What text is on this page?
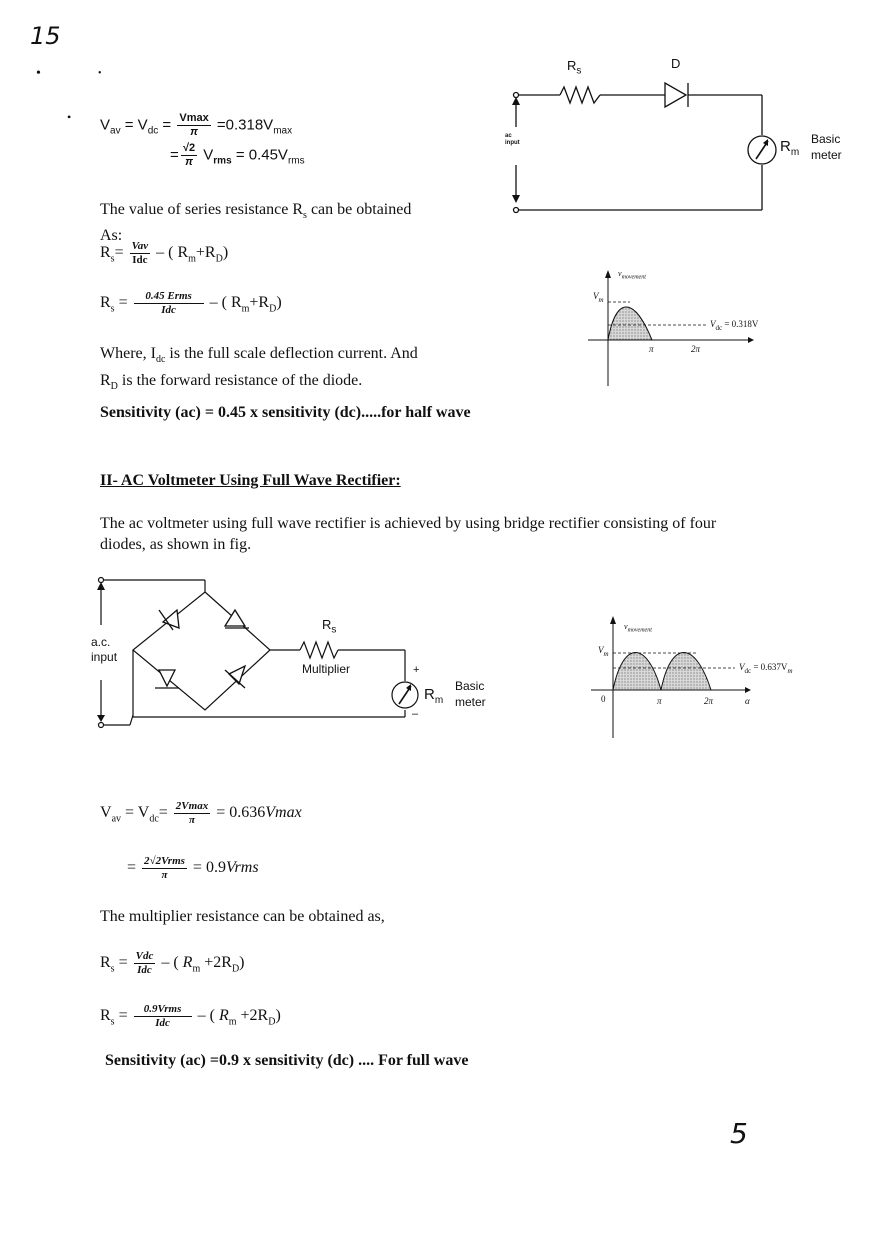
15
•	•
• $V_{av} = V_{dc} = \frac{Vmax}{\pi} =0.318V_{max}$
= $\frac{√2}{\pi} V_{rms} = 0.45V_{rms}$
The value of series resistance $R_s$ can be obtained
As:
$R_s= \frac{\text{Vav}}{\text{Idc}}$ – ( $R_m+R_D$)
$R_s = \frac{\text{0.45 Erms}}{\text{Idc}}$ – ( $R_m+R_D$)
Where, $I_{dc}$ is the full scale deflection current. And
$R_D$ is the forward resistance of the diode.
Sensitivity (ac) = 0.45 x sensitivity (dc).....for half wave
$R_s$
D
ac
input	$R_m$
Basic
meter
$v_{movement}$
$V_m$
π	2π
$V_{dc} = 0.318V$
II- AC Voltmeter Using Full Wave Rectifier:
The ac voltmeter using full wave rectifier is achieved by using bridge rectifier consisting of four
diodes, as shown in fig.
a.c.
input
$R_s$
Multiplier	+
–
$R_m$
Basic
meter
$v_{movement}$
$V_m$
0	π	2π	α
$V_{dc} = 0.637V_m$
$V_{av} = V_{dc}= \frac{2Vmax}{\pi} = 0.636Vmax$
= $\frac{\text{2√2Vrms}}{\pi}$ = 0.9Vrms
The multiplier resistance can be obtained as,
$R_s = \frac{\text{Vdc}}{\text{Idc}}$ – ( $R_m +2R_D$)
$R_s = \frac{\text{0.9Vrms}}{\text{Idc}}$ – ( $R_m +2R_D$)
Sensitivity (ac) =0.9 x sensitivity (dc) .... For full wave
5
